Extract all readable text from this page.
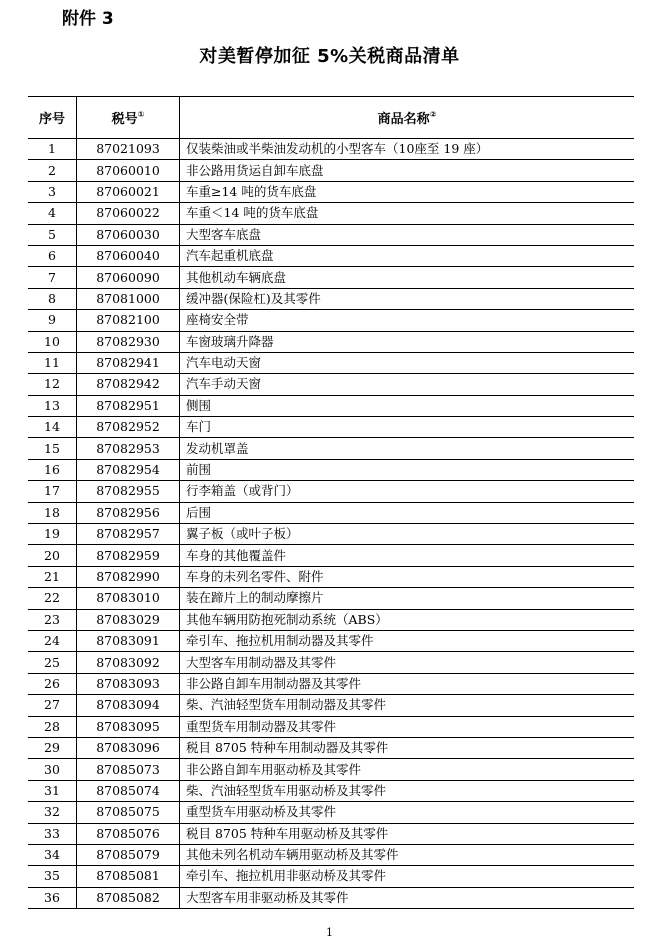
附件 3
对美暂停加征 5%关税商品清单
序号	税号①	商品名称②
1	87021093	仅装柴油或半柴油发动机的小型客车（10座至 19 座）
2	87060010	非公路用货运自卸车底盘
3	87060021	车重≥14 吨的货车底盘
4	87060022	车重＜14 吨的货车底盘
5	87060030	大型客车底盘
6	87060040	汽车起重机底盘
7	87060090	其他机动车辆底盘
8	87081000	缓冲器(保险杠)及其零件
9	87082100	座椅安全带
10	87082930	车窗玻璃升降器
11	87082941	汽车电动天窗
12	87082942	汽车手动天窗
13	87082951	侧围
14	87082952	车门
15	87082953	发动机罩盖
16	87082954	前围
17	87082955	行李箱盖（或背门）
18	87082956	后围
19	87082957	翼子板（或叶子板）
20	87082959	车身的其他覆盖件
21	87082990	车身的未列名零件、附件
22	87083010	装在蹄片上的制动摩擦片
23	87083029	其他车辆用防抱死制动系统（ABS）
24	87083091	牵引车、拖拉机用制动器及其零件
25	87083092	大型客车用制动器及其零件
26	87083093	非公路自卸车用制动器及其零件
27	87083094	柴、汽油轻型货车用制动器及其零件
28	87083095	重型货车用制动器及其零件
29	87083096	税目 8705 特种车用制动器及其零件
30	87085073	非公路自卸车用驱动桥及其零件
31	87085074	柴、汽油轻型货车用驱动桥及其零件
32	87085075	重型货车用驱动桥及其零件
33	87085076	税目 8705 特种车用驱动桥及其零件
34	87085079	其他未列名机动车辆用驱动桥及其零件
35	87085081	牵引车、拖拉机用非驱动桥及其零件
36	87085082	大型客车用非驱动桥及其零件
1
